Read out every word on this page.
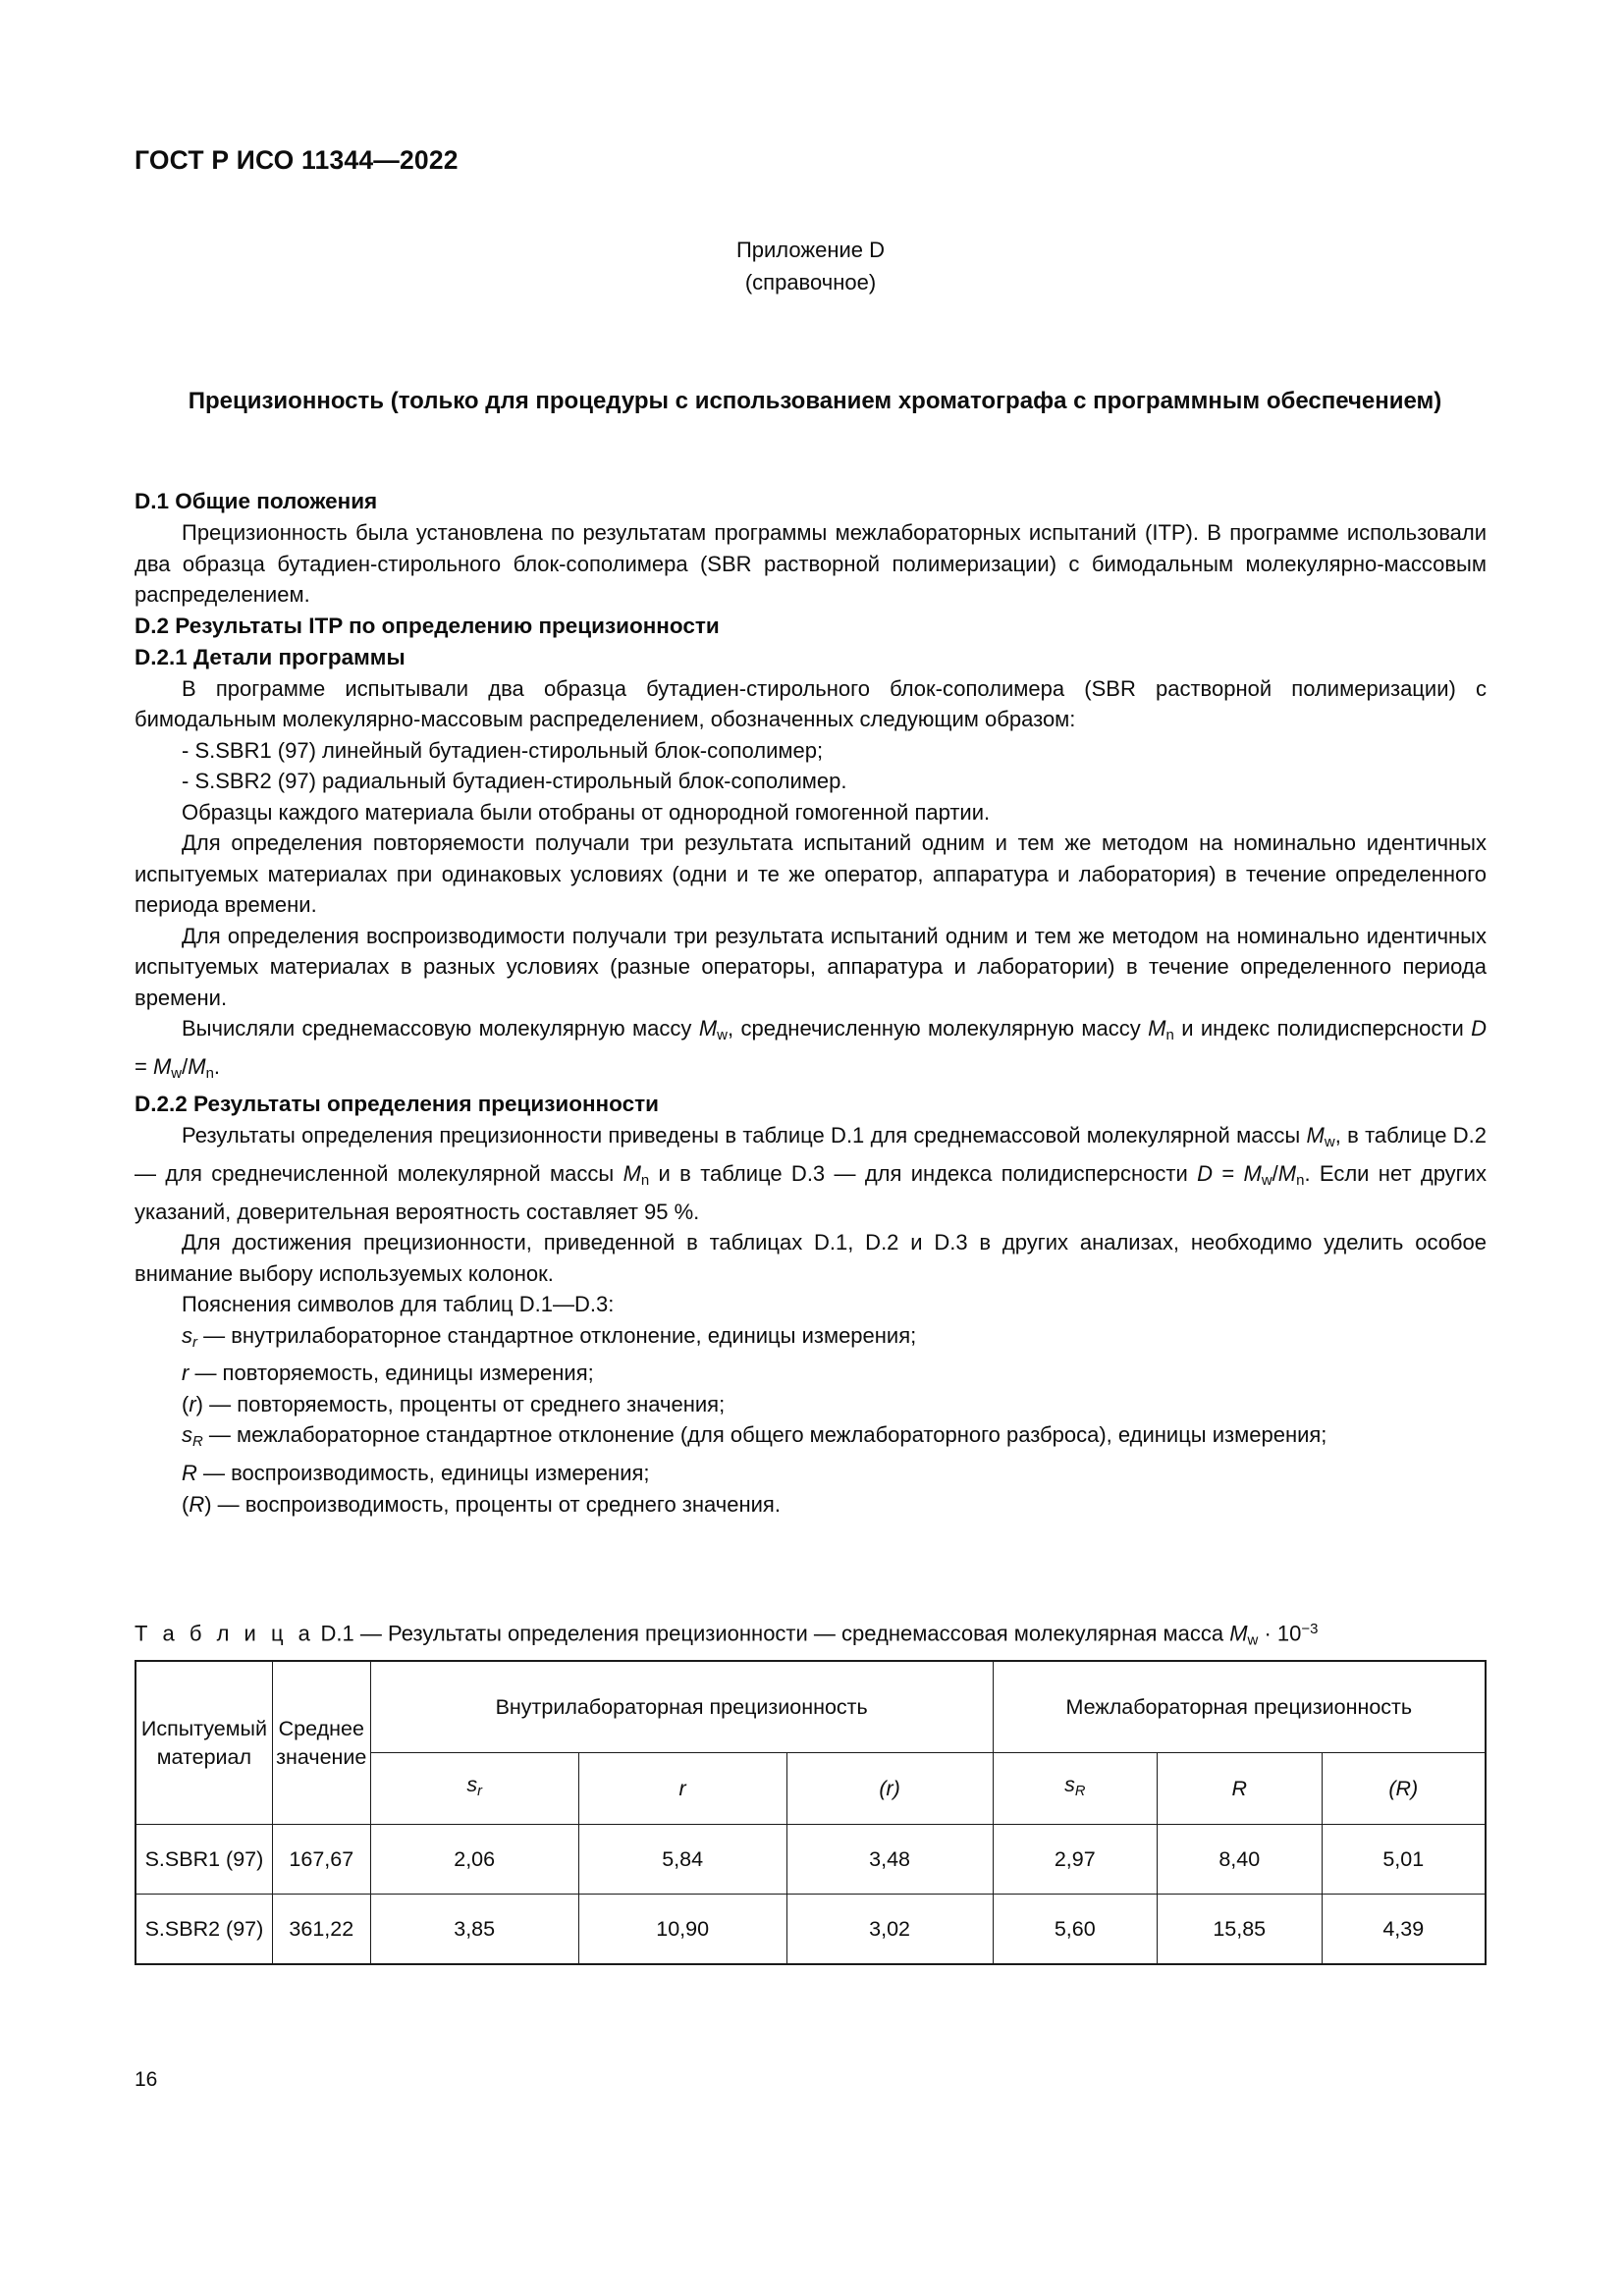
ГОСТ Р ИСО 11344—2022
Приложение D
(справочное)
Прецизионность (только для процедуры с использованием хроматографа с программным обеспечением)
D.1 Общие положения

Прецизионность была установлена по результатам программы межлабораторных испытаний (ITP). В программе использовали два образца бутадиен-стирольного блок-сополимера (SBR растворной полимеризации) с бимодальным молекулярно-массовым распределением.

D.2 Результаты ITP по определению прецизионности
D.2.1 Детали программы

В программе испытывали два образца бутадиен-стирольного блок-сополимера (SBR растворной полимеризации) с бимодальным молекулярно-массовым распределением, обозначенных следующим образом:

- S.SBR1 (97) линейный бутадиен-стирольный блок-сополимер;

- S.SBR2 (97) радиальный бутадиен-стирольный блок-сополимер.

Образцы каждого материала были отобраны от однородной гомогенной партии.

Для определения повторяемости получали три результата испытаний одним и тем же методом на номинально идентичных испытуемых материалах при одинаковых условиях (одни и те же оператор, аппаратура и лаборатория) в течение определенного периода времени.

Для определения воспроизводимости получали три результата испытаний одним и тем же методом на номинально идентичных испытуемых материалах в разных условиях (разные операторы, аппаратура и лаборатории) в течение определенного периода времени.

Вычисляли среднемассовую молекулярную массу $M_w$, среднечисленную молекулярную массу $M_n$ и индекс полидисперсности $D = M_w/M_n$.

D.2.2 Результаты определения прецизионности

Результаты определения прецизионности приведены в таблице D.1 для среднемассовой молекулярной массы $M_w$, в таблице D.2 — для среднечисленной молекулярной массы $M_n$ и в таблице D.3 — для индекса полидисперсности $D = M_w/M_n$. Если нет других указаний, доверительная вероятность составляет 95 %.

Для достижения прецизионности, приведенной в таблицах D.1, D.2 и D.3 в других анализах, необходимо уделить особое внимание выбору используемых колонок.

Пояснения символов для таблиц D.1—D.3:

$s_r$ — внутрилабораторное стандартное отклонение, единицы измерения;

r — повторяемость, единицы измерения;

(r) — повторяемость, проценты от среднего значения;

$s_R$ — межлабораторное стандартное отклонение (для общего межлабораторного разброса), единицы измерения;

R — воспроизводимость, единицы измерения;

(R) — воспроизводимость, проценты от среднего значения.

Т а б л и ц а D.1 — Результаты определения прецизионности — среднемассовая молекулярная масса $M_w \cdot 10^{-3}$
Испытуемый материал	Среднее значение	Внутрилабораторная прецизионность			Межлабораторная прецизионность		
		$s_r$	r	(r)	$s_R$	R	(R)
S.SBR1 (97)	167,67	2,06	5,84	3,48	2,97	8,40	5,01
S.SBR2 (97)	361,22	3,85	10,90	3,02	5,60	15,85	4,39
16
